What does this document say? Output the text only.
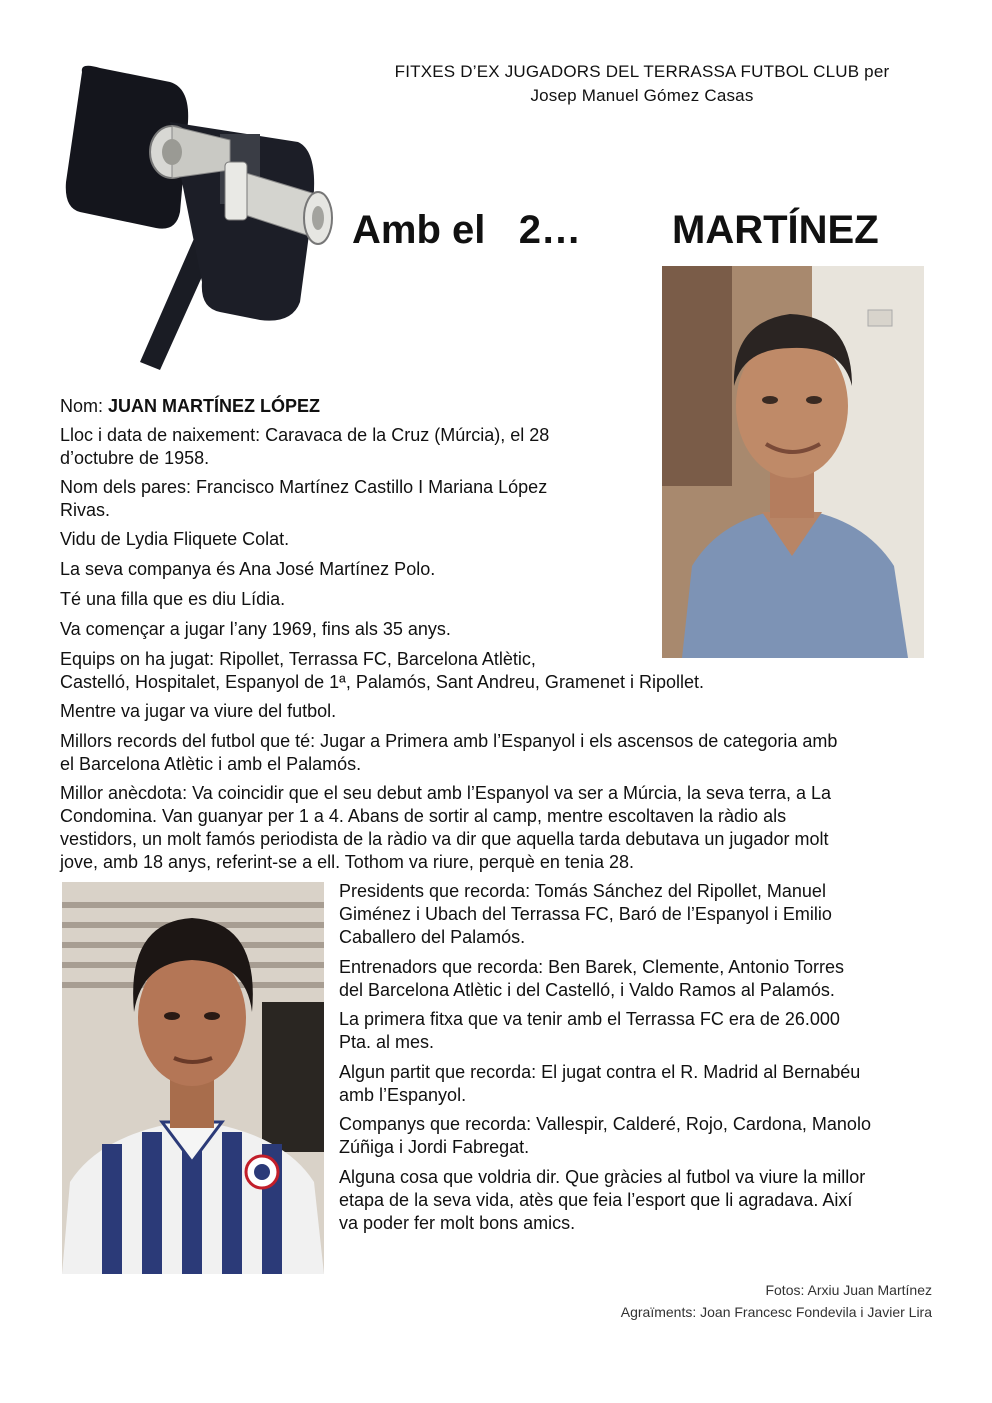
FITXES D’EX JUGADORS DEL TERRASSA FUTBOL CLUB per
Josep Manuel Gómez Casas
Amb el   2… MARTÍNEZ

Nom: JUAN MARTÍNEZ LÓPEZ

Lloc i data de naixement: Caravaca de la Cruz (Múrcia), el 28
d’octubre de 1958.
Nom dels pares: Francisco Martínez Castillo I Mariana López
Rivas.
Vidu de Lydia Fliquete Colat.
La seva companya és Ana José Martínez Polo.
Té una filla que es diu Lídia.
Va començar a jugar l’any 1969, fins als 35 anys.
Equips on ha jugat: Ripollet, Terrassa FC, Barcelona Atlètic,
Castelló, Hospitalet, Espanyol de 1ª, Palamós, Sant Andreu, Gramenet i Ripollet.
Mentre va jugar va viure del futbol.
Millors records del futbol que té: Jugar a Primera amb l’Espanyol i els ascensos de categoria amb
el Barcelona Atlètic i amb el Palamós.
Millor anècdota: Va coincidir que el seu debut amb l’Espanyol va ser a Múrcia, la seva terra, a La
Condomina. Van guanyar per 1 a 4. Abans de sortir al camp, mentre escoltaven la ràdio als
vestidors, un molt famós periodista de la ràdio va dir que aquella tarda debutava un jugador molt
jove, amb 18 anys, referint-se a ell. Tothom va riure, perquè en tenia 28.
Presidents que recorda: Tomás Sánchez del Ripollet, Manuel
Giménez i Ubach del Terrassa FC, Baró de l’Espanyol i Emilio
Caballero del Palamós.
Entrenadors que recorda: Ben Barek, Clemente, Antonio Torres
del Barcelona Atlètic i del Castelló, i Valdo Ramos al Palamós.
La primera fitxa que va tenir amb el Terrassa FC era de 26.000
Pta. al mes.
Algun partit que recorda: El jugat contra el R. Madrid al Bernabéu
amb l’Espanyol.
Companys que recorda: Vallespir, Calderé, Rojo, Cardona, Manolo
Zúñiga i Jordi Fabregat.
Alguna cosa que voldria dir. Que gràcies al futbol va viure la millor
etapa de la seva vida, atès que feia l’esport que li agradava. Així
va poder fer molt bons amics.
Fotos: Arxiu Juan Martínez
Agraïments: Joan Francesc Fondevila i Javier Lira
